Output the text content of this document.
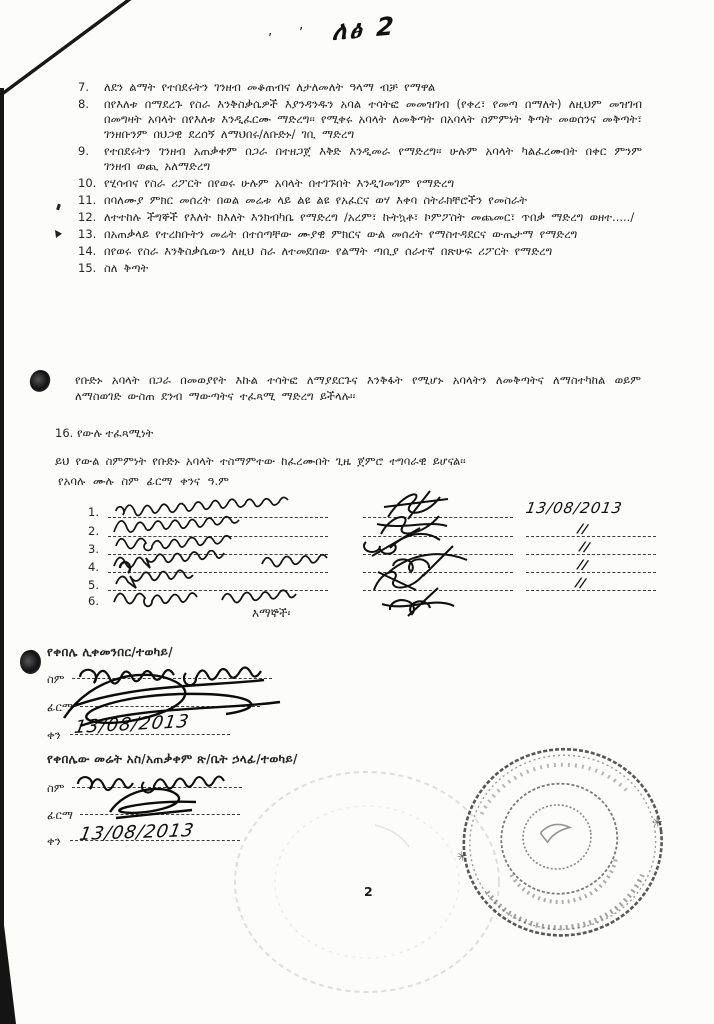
’ ’ ለፅ 2
7.	ለደን ልማት የተበደሩትን ገንዘብ መቆጠብና ለታለመለት ዓላማ ብቻ የማዋል
8.	በየእለቱ በማደረጉ የስራ እንቅስቃሴዎች እያንዳንዱን አባል ተሳትፎ መመዝገብ (የቀረ፣ የመጣ በማለት) ለዚህም መዝገብ በመግዛት አባላት በየእለቱ እንዲፈርሙ ማድረግ፡፡ የሚቀሩ አባላት ለመቅጣት በአባላት ስምምነት ቅጣት መወሰንና መቅጣት፣ ገንዘቡንም በህጋዊ ደረሰኝ ለማህበሩ/ለቡድኑ/ ገቢ ማድረግ
9.	የተበደሩትን ገንዘብ አጠቃቀም በጋራ በተዘጋጀ እቅድ እንዲመራ የማድረግ፡፡ ሁሉም አባላት ካልፈረሙበት በቀር ምንም ገንዘብ ወጪ አለማድረግ
10. የሂሳብና የስራ ሪፖርት በየወሩ ሁሉም አባላት በተገኙበት እንዲገመገም የማድረግ
11. በባለሙያ ምክር መሰረት በወል መሬቱ ላይ ልዩ ልዩ የአፈርና ወሃ እቀባ ስትራክቸሮችን የመስራት
12. ለተተከሉ ችግኞች የእለት ክእለት እንክብካቤ የማድረግ /አረም፣ ኩትኳቶ፣ ኮምፖስት መጨመር፣ ጥበቃ ማድረግ ወዘተ...../
13. በአጠቃላይ የተረከቡትን መሬት በተሰጣቸው ሙያዊ ምክርና ውል መሰረት የማስተዳደርና ውጤታማ የማድረግ
14. በየወሩ የስራ እንቅስቃሴውን ለዚህ ስራ ለተመደበው የልማት ጣቢያ ሰራተኛ በጽሁፍ ሪፖርት የማድረግ
15. ስለ ቅጣት
የቡድኑ አባላት በጋራ በመወያየት እኩል ተሳትፎ ለማያደርጉና እንቅፋት የሚሆኑ አባላትን ለመቅጣትና ለማስተካከል ወይም ለማስወገድ ውስጠ ደንብ ማውጣትና ተፈጻሚ ማድረግ ይችላሉ፡፡
16. የውሉ ተፈጻሚነት
ይህ የውል ስምምነት የቡድኑ አባላት ተስማምተው ከፈረሙበት ጊዜ ጀምሮ ተግባራዊ ይሆናል፡፡
የአባሉ ሙሉ ስም ፊርማ ቀንና ዓ.ም
1.	13/08/2013
2.	//
3.	//
4.	//
5.	//
6.
እማኞች፡
የቀበሌ ሊቀመንበር/ተወካይ/
ስም
ፊርማ
ቀን 13/08/2013
የቀበሌው መሬት አስ/አጠቃቀም ጽ/ቤት ኃላፊ/ተወካይ/
ስም
ፊርማ
ቀን 13/08/2013
✳
✳
2
